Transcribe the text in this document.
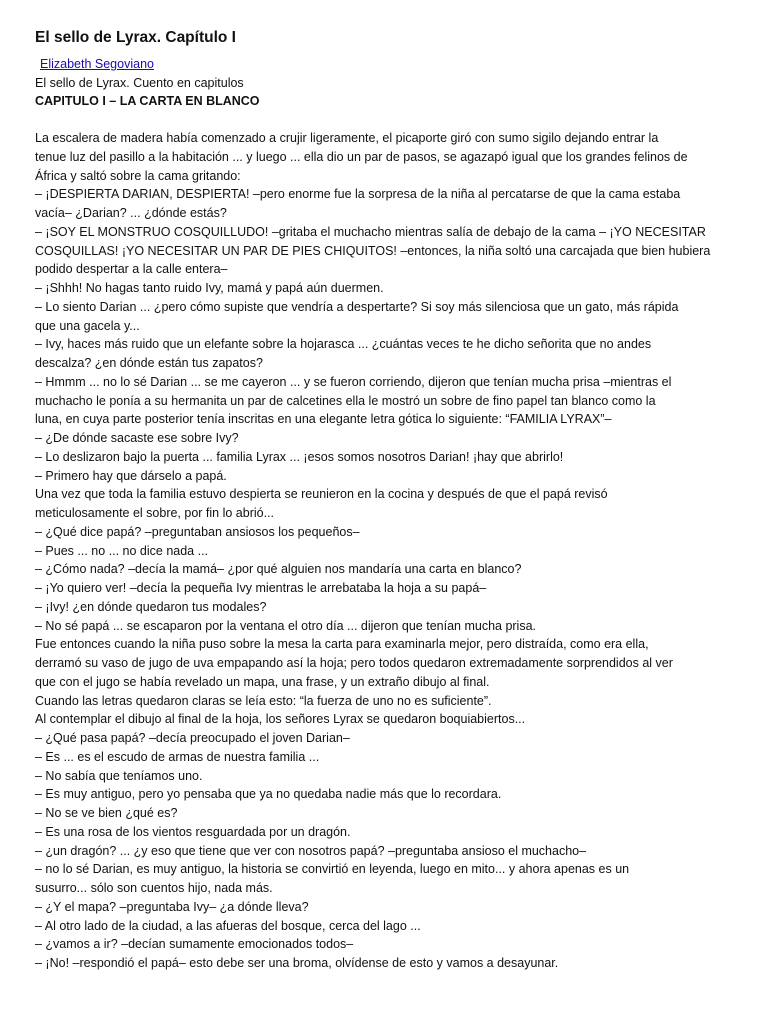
El sello de Lyrax. Capítulo I
Elizabeth Segoviano
El sello de Lyrax. Cuento en capitulos
CAPITULO I – LA CARTA EN BLANCO
La escalera de madera había comenzado a crujir ligeramente, el picaporte giró con sumo sigilo dejando entrar la
tenue luz del pasillo a la habitación ... y luego ... ella dio un par de pasos, se agazapó igual que los grandes felinos de
África y saltó sobre la cama gritando:
– ¡DESPIERTA DARIAN, DESPIERTA! –pero enorme fue la sorpresa de la niña al percatarse de que la cama estaba
vacía– ¿Darian? ... ¿dónde estás?
– ¡SOY EL MONSTRUO COSQUILLUDO! –gritaba el muchacho mientras salía de debajo de la cama – ¡YO NECESITAR
COSQUILLAS! ¡YO NECESITAR UN PAR DE PIES CHIQUITOS! –entonces, la niña soltó una carcajada que bien hubiera
podido despertar a la calle entera–
– ¡Shhh! No hagas tanto ruido Ivy, mamá y papá aún duermen.
– Lo siento Darian ... ¿pero cómo supiste que vendría a despertarte? Si soy más silenciosa que un gato, más rápida
que una gacela y...
– Ivy, haces más ruido que un elefante sobre la hojarasca ... ¿cuántas veces te he dicho señorita que no andes
descalza? ¿en dónde están tus zapatos?
– Hmmm ... no lo sé Darian ... se me cayeron ... y se fueron corriendo, dijeron que tenían mucha prisa –mientras el
muchacho le ponía a su hermanita un par de calcetines ella le mostró un sobre de fino papel tan blanco como la
luna, en cuya parte posterior tenía inscritas en una elegante letra gótica lo siguiente: “FAMILIA LYRAX”–
– ¿De dónde sacaste ese sobre Ivy?
– Lo deslizaron bajo la puerta ... familia Lyrax ... ¡esos somos nosotros Darian! ¡hay que abrirlo!
– Primero hay que dárselo a papá.
Una vez que toda la familia estuvo despierta se reunieron en la cocina y después de que el papá revisó
meticulosamente el sobre, por fin lo abrió...
– ¿Qué dice papá? –preguntaban ansiosos los pequeños–
– Pues ... no ... no dice nada ...
– ¿Cómo nada? –decía la mamá– ¿por qué alguien nos mandaría una carta en blanco?
– ¡Yo quiero ver! –decía la pequeña Ivy mientras le arrebataba la hoja a su papá–
– ¡Ivy! ¿en dónde quedaron tus modales?
– No sé papá ... se escaparon por la ventana el otro día ... dijeron que tenían mucha prisa.
Fue entonces cuando la niña puso sobre la mesa la carta para examinarla mejor, pero distraída, como era ella,
derramó su vaso de jugo de uva empapando así la hoja; pero todos quedaron extremadamente sorprendidos al ver
que con el jugo se había revelado un mapa, una frase, y un extraño dibujo al final.
Cuando las letras quedaron claras se leía esto: “la fuerza de uno no es suficiente”.
Al contemplar el dibujo al final de la hoja, los señores Lyrax se quedaron boquiabiertos...
– ¿Qué pasa papá? –decía preocupado el joven Darian–
– Es ... es el escudo de armas de nuestra familia ...
– No sabía que teníamos uno.
– Es muy antiguo, pero yo pensaba que ya no quedaba nadie más que lo recordara.
– No se ve bien ¿qué es?
– Es una rosa de los vientos resguardada por un dragón.
– ¿un dragón? ... ¿y eso que tiene que ver con nosotros papá? –preguntaba ansioso el muchacho–
– no lo sé Darian, es muy antiguo, la historia se convirtió en leyenda, luego en mito... y ahora apenas es un
susurro... sólo son cuentos hijo, nada más.
– ¿Y el mapa? –preguntaba Ivy– ¿a dónde lleva?
– Al otro lado de la ciudad, a las afueras del bosque, cerca del lago ...
– ¿vamos a ir? –decían sumamente emocionados todos–
– ¡No! –respondió el papá– esto debe ser una broma, olvídense de esto y vamos a desayunar.
